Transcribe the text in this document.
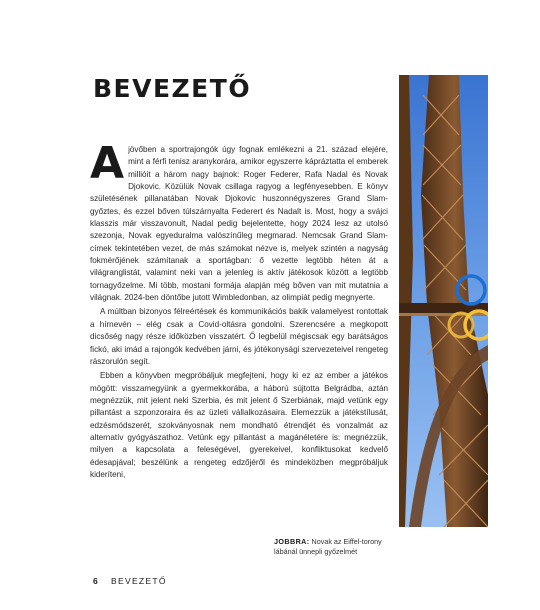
BEVEZETŐ

Ajövőben a sportrajongók úgy fognak emlékezni a 21. század elejére, mint a férfi tenisz aranykorára, amikor egyszerre kápráztatta el emberek millióit a három nagy bajnok: Roger Federer, Rafa Nadal és Novak Djokovic. Közülük Novak csillaga ragyog a legfényesebben. E könyv születésének pillanatában Novak Djokovic huszonnégyszeres Grand Slam-győztes, és ezzel bőven túlszárnyalta Federert és Nadalt is. Most, hogy a svájci klasszis már visszavonult, Nadal pedig bejelentette, hogy 2024 lesz az utolsó szezonja, Novak egyeduralma valószínűleg megmarad. Nemcsak Grand Slam-címek tekintetében vezet, de más számokat nézve is, melyek szintén a nagyság fokmérőjének számítanak a sportágban: ő vezette legtöbb héten át a világranglistát, valamint neki van a jelenleg is aktív játékosok között a legtöbb tornagyőzelme. Mi több, mostani formája alapján még bőven van mit mutatnia a világnak. 2024-ben döntőbe jutott Wimbledonban, az olimpiát pedig megnyerte.

A múltban bizonyos félreértések és kommunikációs bakik valamelyest rontottak a hírnevén – elég csak a Covid-oltásra gondolni. Szerencsére a megkopott dicsőség nagy része időközben visszatért. Ő legbelül mégiscsak egy barátságos fickó, aki imád a rajongók kedvében járni, és jótékonysági szervezeteivel rengeteg rászorulón segít.

Ebben a könyvben megpróbáljuk megfejteni, hogy ki ez az ember a játékos mögött: visszamegyünk a gyermekkorába, a háború sújtotta Belgrádba, aztán megnézzük, mit jelent neki Szerbia, és mit jelent ő Szerbiának, majd vetünk egy pillantást a szponzoraira és az üzleti vállalkozásaira. Elemezzük a játékstílusát, edzésmódszerét, szokványosnak nem mondható étrendjét és vonzalmát az alternatív gyógyászathoz. Vetünk egy pillantást a magánéletére is: megnézzük, milyen a kapcsolata a feleségével, gyerekeivel, konfliktusokat kedvelő édesapjával; beszélünk a rengeteg edzőjéről és mindeközben megpróbáljuk kideríteni,

JOBBRA: Novak az Eiffel-torony lábánál ünnepli győzelmét
6 BEVEZETŐ
